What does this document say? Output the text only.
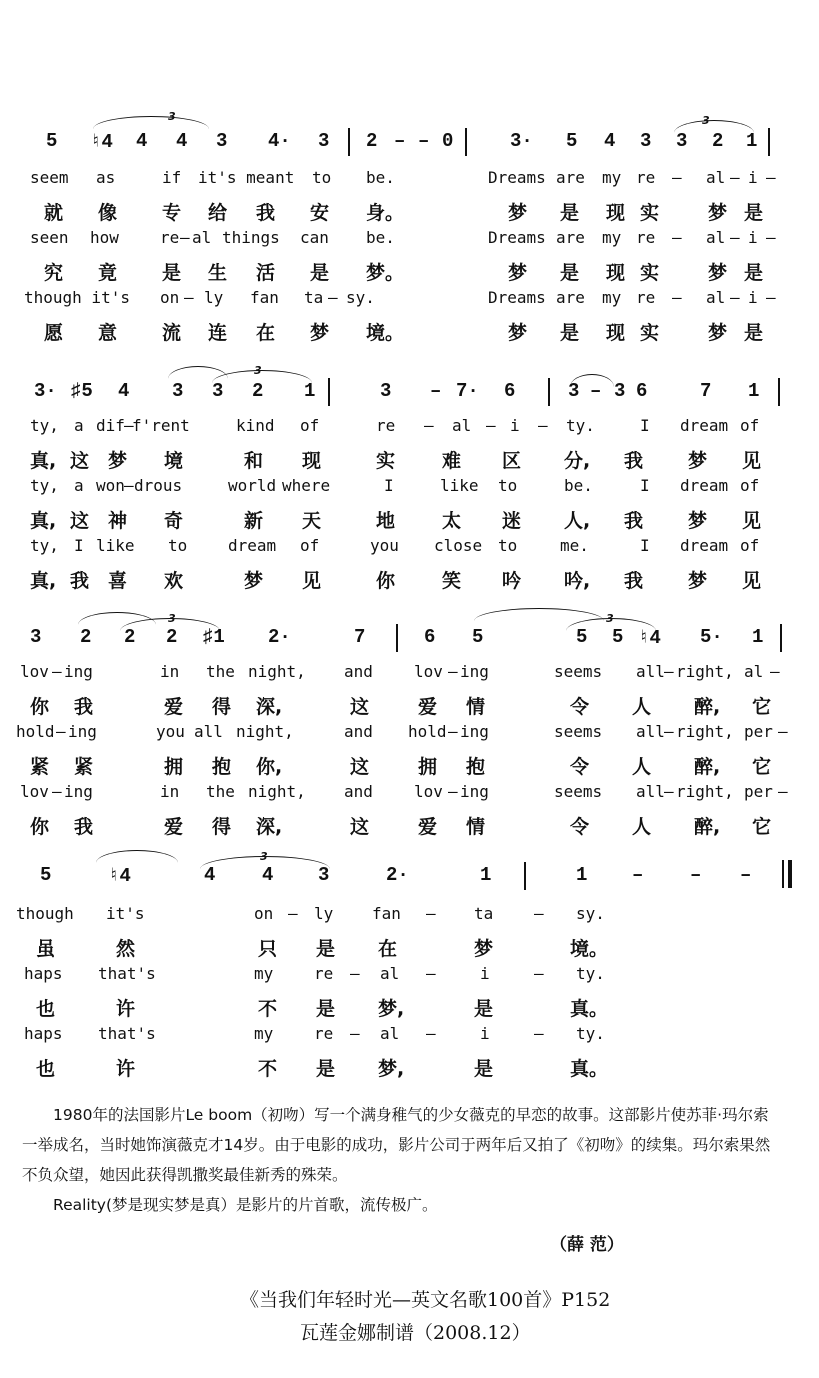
3	3
5 ♮4 4 4 3 4· 3 2 – – 0	3· 5 4 3 3 2 1
seem as	if it's meant to be.	Dreams are my re – al – i –
就 像 专 给 我 安 身。	梦 是 现 实	梦 是
seen how	re – al things can be.	Dreams are my re – al – i –
究 竟 是 生 活 是 梦。	梦 是 现 实	梦 是
though it's on – ly fan ta – sy.	Dreams are my re – al – i –
愿 意 流 连 在 梦 境。	梦 是 现 实	梦 是
3
3· ♯5 4 3 3 2 1	3 – 7· 6	3 – 3 6	7 1
ty, a dif –
f'rent	kind of	re – al – i – ty.	I dream of
真, 这 梦 境	和 现	实 难 区 分, 我 梦 见
ty, a won – drous	world where	I	like to	be.	I dream of
真, 这 神 奇	新 天	地 太 迷 人, 我 梦 见
ty, I like to	dream of	you close to	me.	I dream of
真, 我 喜 欢	梦 见	你 笑 吟 吟, 我 梦 见
3	3
3 2 2 2 ♯1 2·	7	6 5	5 5 ♮4 5· 1
lov – ing	in the night, and	lov – ing	seems all – right, al –
你 我	爱 得 深,	这	爱 情	令 人 醉, 它
hold – ing	you all night,	and hold – ing	seems all – right, per –
紧 紧	拥 抱 你,	这	拥 抱	令 人 醉, 它
lov – ing	in the night, and	lov – ing	seems all – right, per –
你 我	爱 得 深,	这	爱 情	令 人 醉, 它
3
5	♮4	4 4 3	2·	1	1 – – –
though it's	on – ly fan – ta	– sy.
虽	然	只 是 在	梦	境。
haps that's	my	re – al –	i	– ty.
也	许	不 是 梦,	是	真。
haps that's	my	re – al –	i	– ty.
也	许	不 是 梦,	是	真。

1980年的法国影片Le boom（初吻）写一个满身稚气的少女薇克的早恋的故事。这部影片使苏菲·玛尔索一举成名，当时她饰演薇克才14岁。由于电影的成功，影片公司于两年后又拍了《初吻》的续集。玛尔索果然不负众望，她因此获得凯撒奖最佳新秀的殊荣。

Reality(梦是现实梦是真）是影片的片首歌，流传极广。

（薛 范）
《当我们年轻时光—英文名歌100首》P152
瓦莲金娜制谱（2008.12）
